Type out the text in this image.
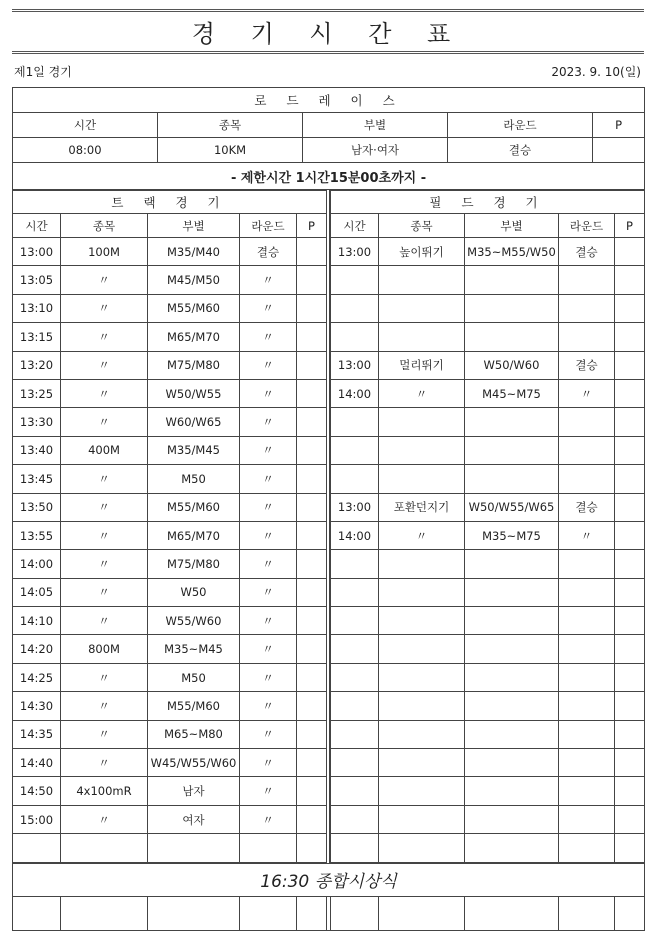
경 기 시 간 표
제1일 경기	2023. 9. 10(일)
로 드 레 이 스				
시간	종목	부별	라운드	P
08:00	10KM	남자·여자	결승	
- 제한시간 1시간15분00초까지 -				
트 랙 경 기				
시간	종목	부별	라운드	P
13:00	100M	M35/M40	결승	
13:05	〃	M45/M50	〃	
13:10	〃	M55/M60	〃	
13:15	〃	M65/M70	〃	
13:20	〃	M75/M80	〃	
13:25	〃	W50/W55	〃	
13:30	〃	W60/W65	〃	
13:40	400M	M35/M45	〃	
13:45	〃	M50	〃	
13:50	〃	M55/M60	〃	
13:55	〃	M65/M70	〃	
14:00	〃	M75/M80	〃	
14:05	〃	W50	〃	
14:10	〃	W55/W60	〃	
14:20	800M	M35~M45	〃	
14:25	〃	M50	〃	
14:30	〃	M55/M60	〃	
14:35	〃	M65~M80	〃	
14:40	〃	W45/W55/W60	〃	
14:50	4x100mR	남자	〃	
15:00	〃	여자	〃	

필 드 경 기				
시간	종목	부별	라운드	P
13:00	높이뛰기	M35~M55/W50	결승	

13:00	멀리뛰기	W50/W60	결승	
14:00	〃	M45~M75	〃	

13:00	포환던지기	W50/W55/W65	결승	
14:00	〃	M35~M75	〃	

16:30 종합시상식
